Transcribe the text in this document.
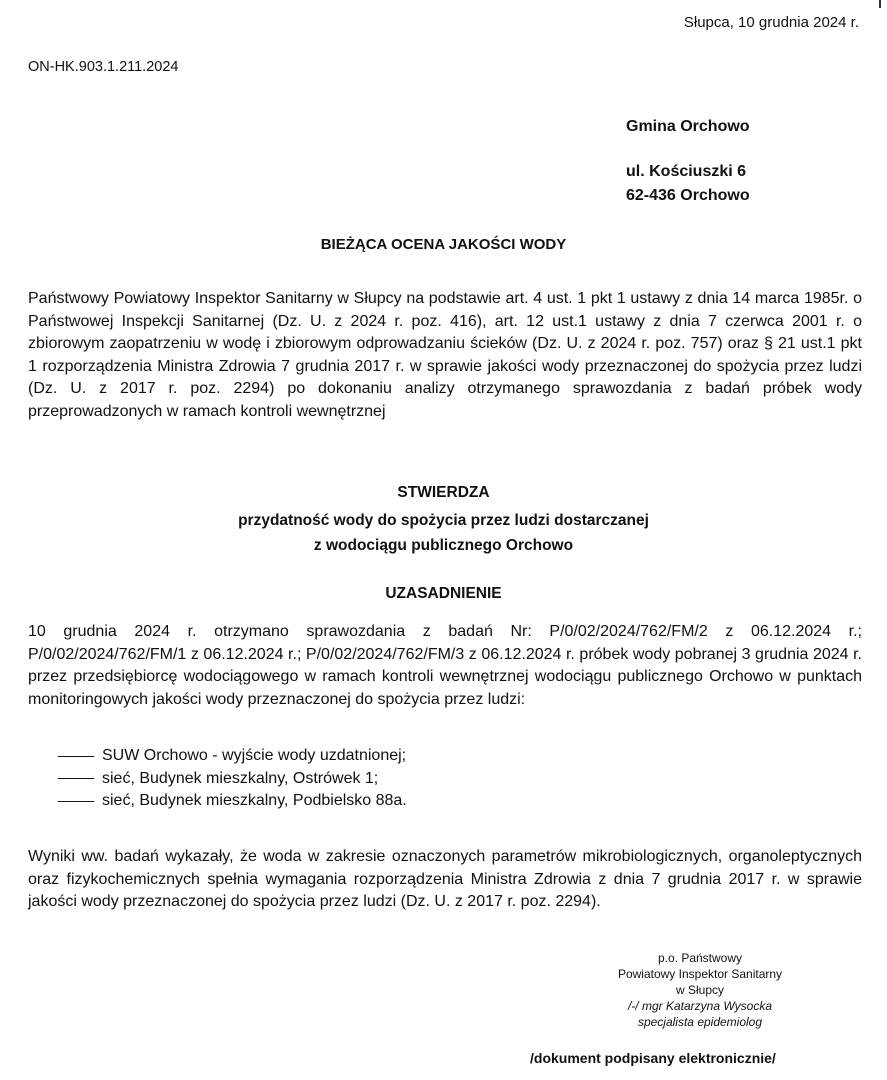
Słupca, 10 grudnia 2024 r.
ON-HK.903.1.211.2024
Gmina Orchowo
ul. Kościuszki 6
62-436 Orchowo
BIEŻĄCA OCENA JAKOŚCI WODY
Państwowy Powiatowy Inspektor Sanitarny w Słupcy na podstawie art. 4 ust. 1 pkt 1 ustawy z dnia 14 marca 1985r. o Państwowej Inspekcji Sanitarnej (Dz. U. z 2024 r. poz. 416), art. 12 ust.1 ustawy z dnia 7 czerwca 2001 r. o zbiorowym zaopatrzeniu w wodę i zbiorowym odprowadzaniu ścieków (Dz. U. z 2024 r. poz. 757) oraz § 21 ust.1 pkt 1 rozporządzenia Ministra Zdrowia 7 grudnia 2017 r. w sprawie jakości wody przeznaczonej do spożycia przez ludzi (Dz. U. z 2017 r. poz. 2294) po dokonaniu analizy otrzymanego sprawozdania z badań próbek wody przeprowadzonych w ramach kontroli wewnętrznej
STWIERDZA
przydatność wody do spożycia przez ludzi dostarczanej
z wodociągu publicznego Orchowo
UZASADNIENIE
10 grudnia 2024 r. otrzymano sprawozdania z badań Nr: P/0/02/2024/762/FM/2 z 06.12.2024 r.; P/0/02/2024/762/FM/1 z 06.12.2024 r.; P/0/02/2024/762/FM/3 z 06.12.2024 r. próbek wody pobranej 3 grudnia 2024 r. przez przedsiębiorcę wodociągowego w ramach kontroli wewnętrznej wodociągu publicznego Orchowo w punktach monitoringowych jakości wody przeznaczonej do spożycia przez ludzi:
SUW Orchowo - wyjście wody uzdatnionej;
sieć, Budynek mieszkalny, Ostrówek 1;
sieć, Budynek mieszkalny, Podbielsko 88a.
Wyniki ww. badań wykazały, że woda w zakresie oznaczonych parametrów mikrobiologicznych, organoleptycznych oraz fizykochemicznych spełnia wymagania rozporządzenia Ministra Zdrowia z dnia 7 grudnia 2017 r. w sprawie jakości wody przeznaczonej do spożycia przez ludzi (Dz. U. z 2017 r. poz. 2294).
p.o. Państwowy
Powiatowy Inspektor Sanitarny
w Słupcy
/-/ mgr Katarzyna Wysocka
specjalista epidemiolog
/dokument podpisany elektronicznie/
